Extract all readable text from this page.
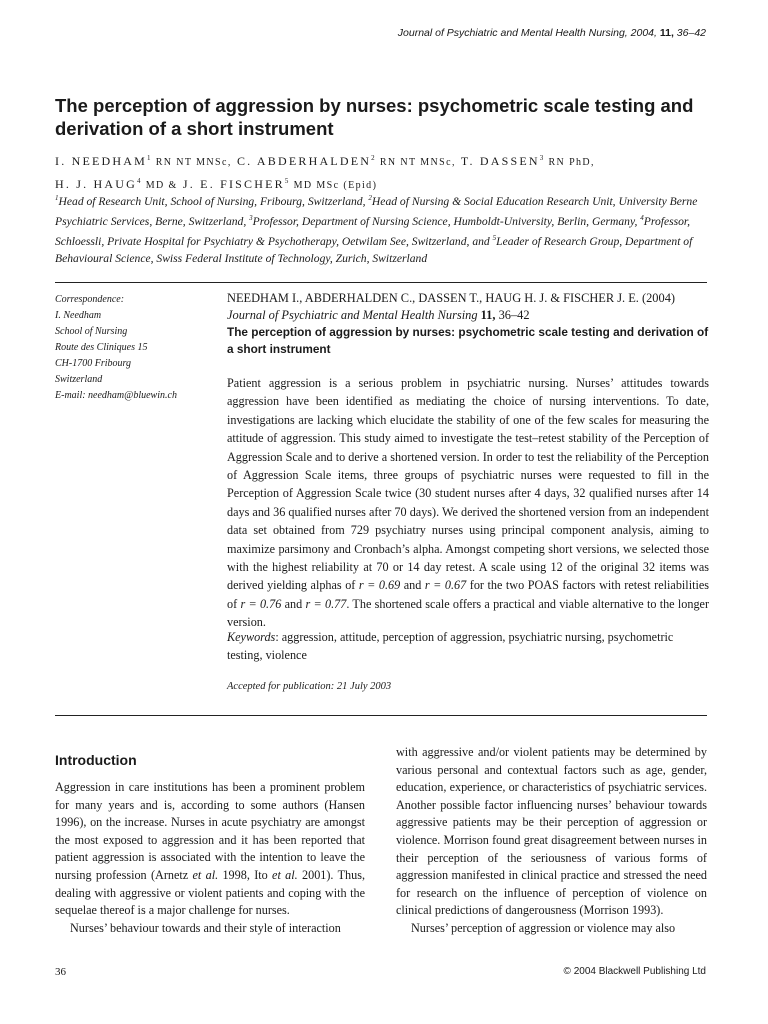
Journal of Psychiatric and Mental Health Nursing, 2004, 11, 36–42
The perception of aggression by nurses: psychometric scale testing and derivation of a short instrument
I. NEEDHAM$^1$ RN NT MNSc, C. ABDERHALDEN$^2$ RN NT MNSc, T. DASSEN$^3$ RN PhD,
H. J. HAUG$^4$ MD & J. E. FISCHER$^5$ MD MSc (Epid)
$^1$Head of Research Unit, School of Nursing, Fribourg, Switzerland, $^2$Head of Nursing & Social Education Research Unit, University Berne Psychiatric Services, Berne, Switzerland, $^3$Professor, Department of Nursing Science, Humboldt-University, Berlin, Germany, $^4$Professor, Schloessli, Private Hospital for Psychiatry & Psychotherapy, Oetwilam See, Switzerland, and $^5$Leader of Research Group, Department of Behavioural Science, Swiss Federal Institute of Technology, Zurich, Switzerland
Correspondence:
I. Needham
School of Nursing
Route des Cliniques 15
CH-1700 Fribourg
Switzerland
E-mail: needham@bluewin.ch
NEEDHAM I., ABDERHALDEN C., DASSEN T., HAUG H. J. & FISCHER J. E. (2004)
Journal of Psychiatric and Mental Health Nursing 11, 36–42
The perception of aggression by nurses: psychometric scale testing and derivation of a short instrument
Patient aggression is a serious problem in psychiatric nursing. Nurses’ attitudes towards aggression have been identified as mediating the choice of nursing interventions. To date, investigations are lacking which elucidate the stability of one of the few scales for measuring the attitude of aggression. This study aimed to investigate the test–retest stability of the Perception of Aggression Scale and to derive a shortened version. In order to test the reliability of the Perception of Aggression Scale items, three groups of psychiatric nurses were requested to fill in the Perception of Aggression Scale twice (30 student nurses after 4 days, 32 qualified nurses after 14 days and 36 qualified nurses after 70 days). We derived the shortened version from an independent data set obtained from 729 psychiatry nurses using principal component analysis, aiming to maximize parsimony and Cronbach’s alpha. Amongst competing short versions, we selected those with the highest reliability at 70 or 14 day retest. A scale using 12 of the original 32 items was derived yielding alphas of r = 0.69 and r = 0.67 for the two POAS factors with retest reliabilities of r = 0.76 and r = 0.77. The shortened scale offers a practical and viable alternative to the longer version.
Keywords: aggression, attitude, perception of aggression, psychiatric nursing, psychometric testing, violence
Accepted for publication: 21 July 2003
Introduction

Aggression in care institutions has been a prominent problem for many years and is, according to some authors (Hansen 1996), on the increase. Nurses in acute psychiatry are amongst the most exposed to aggression and it has been reported that patient aggression is associated with the intention to leave the nursing profession (Arnetz et al. 1998, Ito et al. 2001). Thus, dealing with aggressive or violent patients and coping with the sequelae thereof is a major challenge for nurses.

Nurses’ behaviour towards and their style of interaction

with aggressive and/or violent patients may be determined by various personal and contextual factors such as age, gender, education, experience, or characteristics of psychiatric services. Another possible factor influencing nurses’ behaviour towards aggressive patients may be their perception of aggression or violence. Morrison found great disagreement between nurses in their perception of the seriousness of various forms of aggression manifested in clinical practice and stressed the need for research on the influence of perception of violence on clinical predictions of dangerousness (Morrison 1993).

Nurses’ perception of aggression or violence may also

36	© 2004 Blackwell Publishing Ltd
